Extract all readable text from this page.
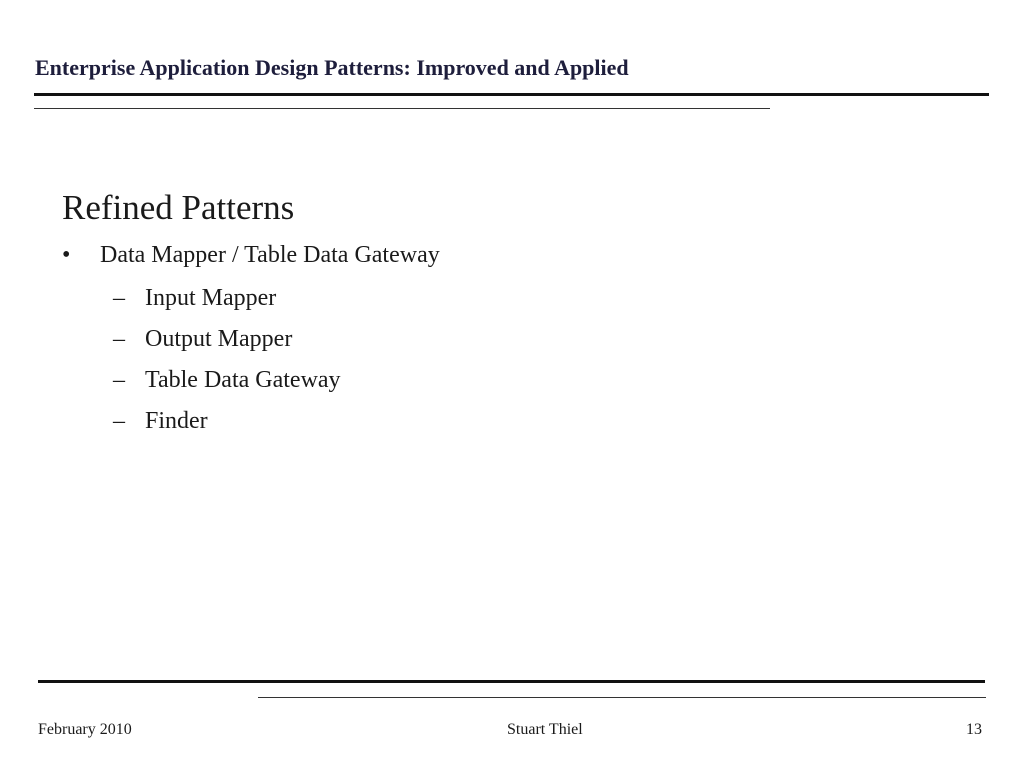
Enterprise Application Design Patterns: Improved and Applied
Refined Patterns
• Data Mapper / Table Data Gateway
– Input Mapper
– Output Mapper
– Table Data Gateway
– Finder
February 2010	Stuart Thiel	13
